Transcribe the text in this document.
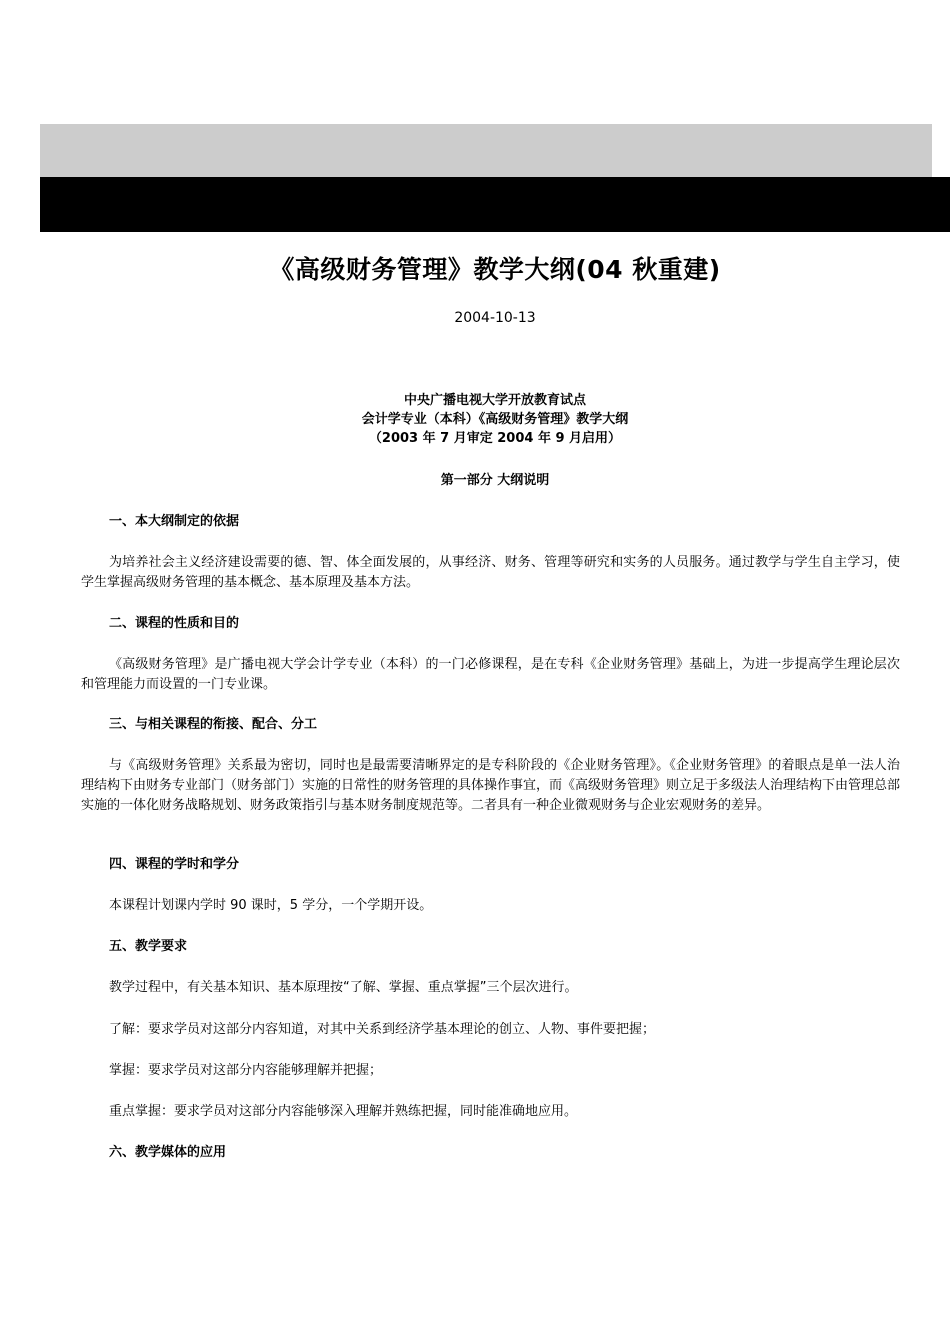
《高级财务管理》教学大纲(04 秋重建)
2004-10-13
中央广播电视大学开放教育试点
会计学专业（本科）《高级财务管理》教学大纲
（2003 年 7 月审定 2004 年 9 月启用）
第一部分 大纲说明
一、本大纲制定的依据
为培养社会主义经济建设需要的德、智、体全面发展的，从事经济、财务、管理等研究和实务的人员服务。通过教学与学生自主学习，使学生掌握高级财务管理的基本概念、基本原理及基本方法。
二、课程的性质和目的
《高级财务管理》是广播电视大学会计学专业（本科）的一门必修课程，是在专科《企业财务管理》基础上，为进一步提高学生理论层次和管理能力而设置的一门专业课。
三、与相关课程的衔接、配合、分工
与《高级财务管理》关系最为密切，同时也是最需要清晰界定的是专科阶段的《企业财务管理》。《企业财务管理》的着眼点是单一法人治理结构下由财务专业部门（财务部门）实施的日常性的财务管理的具体操作事宜，而《高级财务管理》则立足于多级法人治理结构下由管理总部实施的一体化财务战略规划、财务政策指引与基本财务制度规范等。二者具有一种企业微观财务与企业宏观财务的差异。
四、课程的学时和学分
本课程计划课内学时 90 课时，5 学分，一个学期开设。
五、教学要求
教学过程中，有关基本知识、基本原理按“了解、掌握、重点掌握”三个层次进行。
了解：要求学员对这部分内容知道，对其中关系到经济学基本理论的创立、人物、事件要把握；
掌握：要求学员对这部分内容能够理解并把握；
重点掌握：要求学员对这部分内容能够深入理解并熟练把握，同时能准确地应用。
六、教学媒体的应用
